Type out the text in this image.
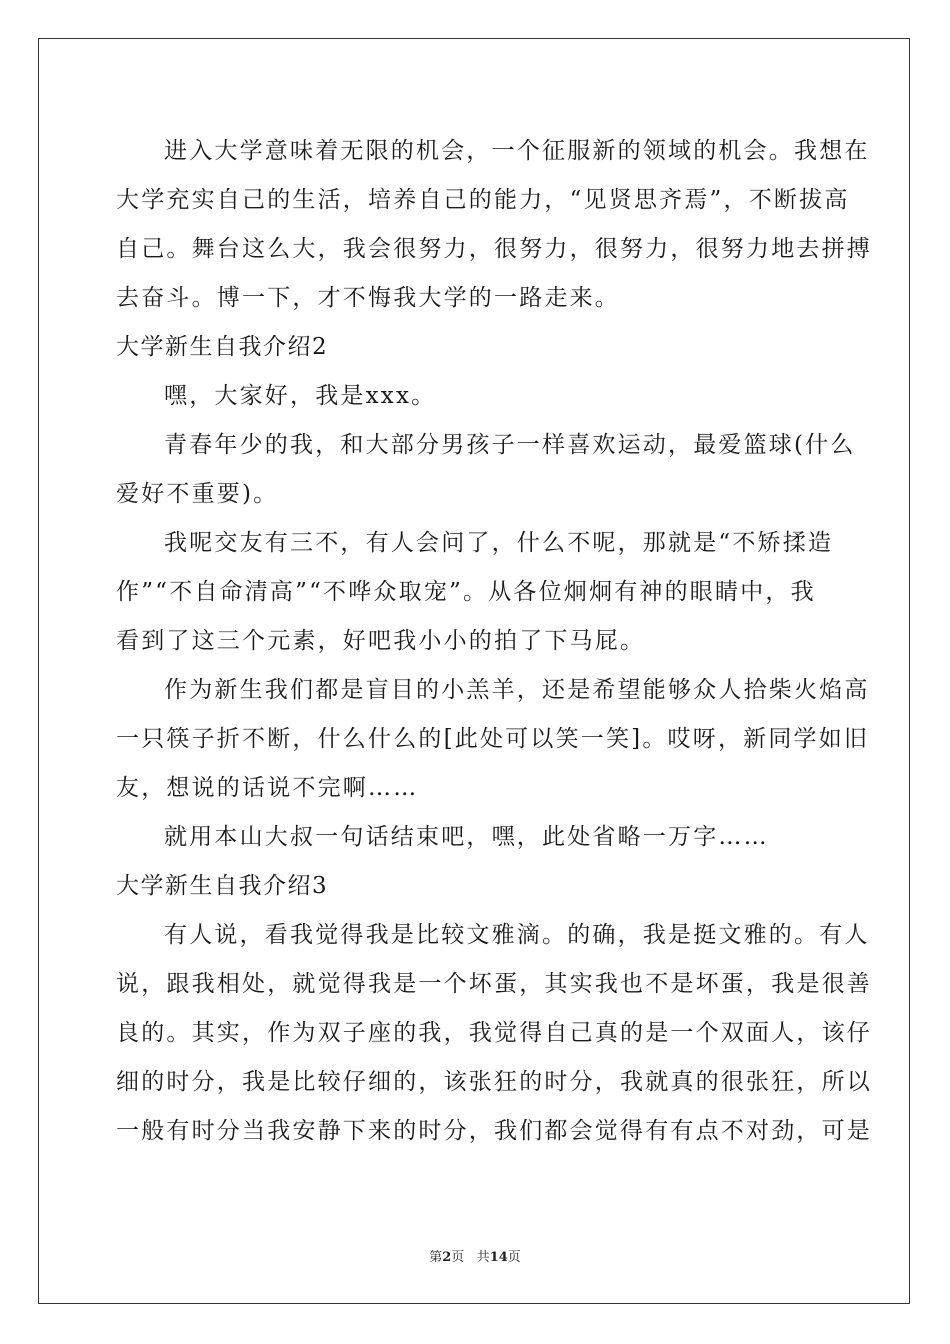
进入大学意味着无限的机会，一个征服新的领域的机会。我想在
大学充实自己的生活，培养自己的能力，“见贤思齐焉”，不断拔高
自己。舞台这么大，我会很努力，很努力，很努力，很努力地去拼搏
去奋斗。博一下，才不悔我大学的一路走来。
大学新生自我介绍2
嘿，大家好，我是xxx。
青春年少的我，和大部分男孩子一样喜欢运动，最爱篮球(什么
爱好不重要)。
我呢交友有三不，有人会问了，什么不呢，那就是“不矫揉造
作”“不自命清高”“不哗众取宠”。从各位炯炯有神的眼睛中，我
看到了这三个元素，好吧我小小的拍了下马屁。
作为新生我们都是盲目的小羔羊，还是希望能够众人拾柴火焰高
一只筷子折不断，什么什么的[此处可以笑一笑]。哎呀，新同学如旧
友，想说的话说不完啊……
就用本山大叔一句话结束吧，嘿，此处省略一万字……
大学新生自我介绍3
有人说，看我觉得我是比较文雅滴。的确，我是挺文雅的。有人
说，跟我相处，就觉得我是一个坏蛋，其实我也不是坏蛋，我是很善
良的。其实，作为双子座的我，我觉得自己真的是一个双面人，该仔
细的时分，我是比较仔细的，该张狂的时分，我就真的很张狂，所以
一般有时分当我安静下来的时分，我们都会觉得有有点不对劲，可是
第2页 共14页
